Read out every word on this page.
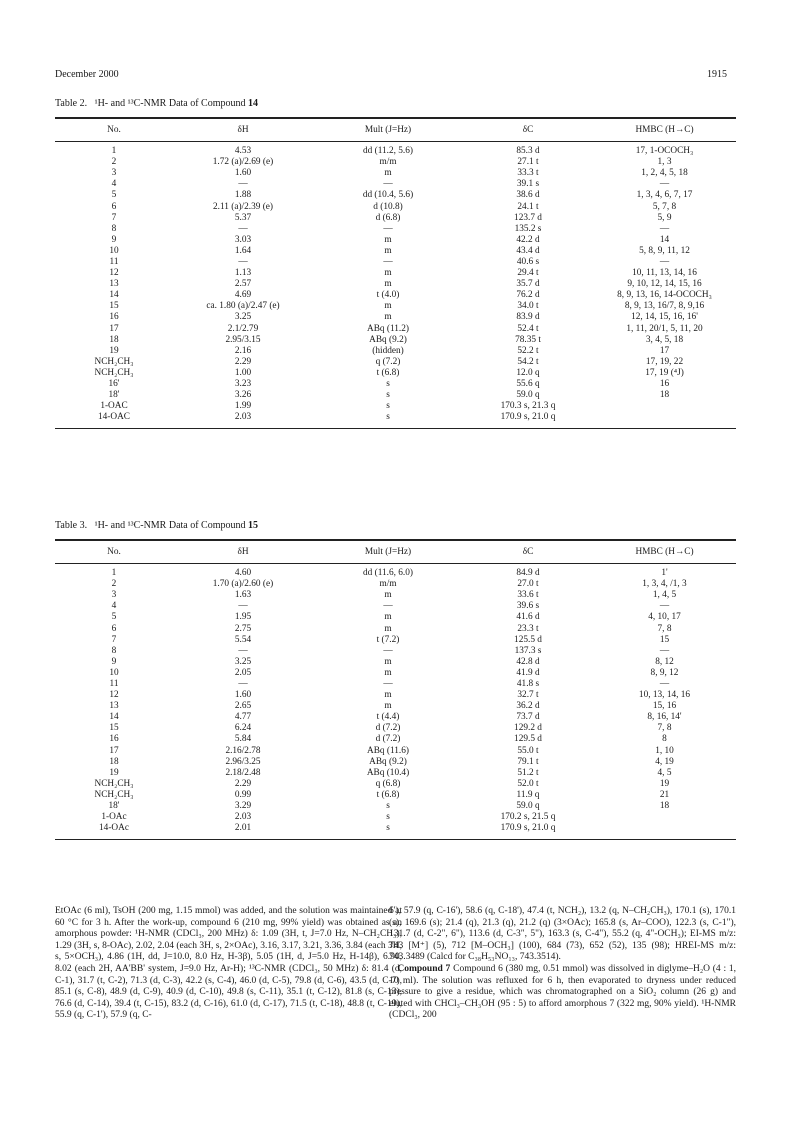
December 2000	1915
Table 2. ¹H- and ¹³C-NMR Data of Compound 14
No.	δH	Mult (J=Hz)	δC	HMBC (H→C)
1	4.53	dd (11.2, 5.6)	85.3 d	17, 1-OCOCH₃
2	1.72 (a)/2.69 (e)	m/m	27.1 t	1, 3
3	1.60	m	33.3 t	1, 2, 4, 5, 18
4	—	—	39.1 s	—
5	1.88	dd (10.4, 5.6)	38.6 d	1, 3, 4, 6, 7, 17
6	2.11 (a)/2.39 (e)	d (10.8)	24.1 t	5, 7, 8
7	5.37	d (6.8)	123.7 d	5, 9
8	—	—	135.2 s	—
9	3.03	m	42.2 d	14
10	1.64	m	43.4 d	5, 8, 9, 11, 12
11	—	—	40.6 s	—
12	1.13	m	29.4 t	10, 11, 13, 14, 16
13	2.57	m	35.7 d	9, 10, 12, 14, 15, 16
14	4.69	t (4.0)	76.2 d	8, 9, 13, 16, 14-OCOCH₃
15	ca. 1.80 (a)/2.47 (e)	m	34.0 t	8, 9, 13, 16/7, 8, 9,16
16	3.25	m	83.9 d	12, 14, 15, 16, 16'
17	2.1/2.79	ABq (11.2)	52.4 t	1, 11, 20/1, 5, 11, 20
18	2.95/3.15	ABq (9.2)	78.35 t	3, 4, 5, 18
19	2.16	(hidden)	52.2 t	17
NCH₂CH₃	2.29	q (7.2)	54.2 t	17, 19, 22
NCH₂CH₃	1.00	t (6.8)	12.0 q	17, 19 (⁴J)
16'	3.23	s	55.6 q	16
18'	3.26	s	59.0 q	18
1-OAC	1.99	s	170.3 s, 21.3 q	
14-OAC	2.03	s	170.9 s, 21.0 q	
Table 3. ¹H- and ¹³C-NMR Data of Compound 15
No.	δH	Mult (J=Hz)	δC	HMBC (H→C)
1	4.60	dd (11.6, 6.0)	84.9 d	1'
2	1.70 (a)/2.60 (e)	m/m	27.0 t	1, 3, 4, /1, 3
3	1.63	m	33.6 t	1, 4, 5
4	—	—	39.6 s	—
5	1.95	m	41.6 d	4, 10, 17
6	2.75	m	23.3 t	7, 8
7	5.54	t (7.2)	125.5 d	15
8	—	—	137.3 s	—
9	3.25	m	42.8 d	8, 12
10	2.05	m	41.9 d	8, 9, 12
11	—	—	41.8 s	—
12	1.60	m	32.7 t	10, 13, 14, 16
13	2.65	m	36.2 d	15, 16
14	4.77	t (4.4)	73.7 d	8, 16, 14'
15	6.24	d (7.2)	129.2 d	7, 8
16	5.84	d (7.2)	129.5 d	8
17	2.16/2.78	ABq (11.6)	55.0 t	1, 10
18	2.96/3.25	ABq (9.2)	79.1 t	4, 19
19	2.18/2.48	ABq (10.4)	51.2 t	4, 5
NCH₂CH₃	2.29	q (6.8)	52.0 t	19
NCH₂CH₃	0.99	t (6.8)	11.9 q	21
18'	3.29	s	59.0 q	18
1-OAc	2.03	s	170.2 s, 21.5 q	
14-OAc	2.01	s	170.9 s, 21.0 q	
EtOAc (6 ml), TsOH (200 mg, 1.15 mmol) was added, and the solution was maintained at 60 °C for 3 h. After the work-up, compound 6 (210 mg, 99% yield) was obtained as an amorphous powder: ¹H-NMR (CDCl₃, 200 MHz) δ: 1.09 (3H, t, J=7.0 Hz, N–CH₂CH₃), 1.29 (3H, s, 8-OAc), 2.02, 2.04 (each 3H, s, 2×OAc), 3.16, 3.17, 3.21, 3.36, 3.84 (each 3H, s, 5×OCH₃), 4.86 (1H, dd, J=10.0, 8.0 Hz, H-3β), 5.05 (1H, d, J=5.0 Hz, H-14β), 6.90, 8.02 (each 2H, AA'BB' system, J=9.0 Hz, Ar-H); ¹³C-NMR (CDCl₃, 50 MHz) δ: 81.4 (d, C-1), 31.7 (t, C-2), 71.3 (d, C-3), 42.2 (s, C-4), 46.0 (d, C-5), 79.8 (d, C-6), 43.5 (d, C-7), 85.1 (s, C-8), 48.9 (d, C-9), 40.9 (d, C-10), 49.8 (s, C-11), 35.1 (t, C-12), 81.8 (s, C-13), 76.6 (d, C-14), 39.4 (t, C-15), 83.2 (d, C-16), 61.0 (d, C-17), 71.5 (t, C-18), 48.8 (t, C-19), 55.9 (q, C-1'), 57.9 (q, C-
6'), 57.9 (q, C-16'), 58.6 (q, C-18'), 47.4 (t, NCH₂), 13.2 (q, N–CH₂CH₃), 170.1 (s), 170.1 (s), 169.6 (s); 21.4 (q), 21.3 (q), 21.2 (q) (3×OAc); 165.8 (s, Ar–COO), 122.3 (s, C-1"), 131.7 (d, C-2", 6"), 113.6 (d, C-3", 5"), 163.3 (s, C-4"), 55.2 (q, 4"-OCH₃); EI-MS m/z: 743 [M⁺] (5), 712 [M–OCH₃] (100), 684 (73), 652 (52), 135 (98); HREI-MS m/z: 743.3489 (Calcd for C₃₈H₅₃NO₁₃, 743.3514).
Compound 7 Compound 6 (380 mg, 0.51 mmol) was dissolved in diglyme–H₂O (4 : 1, 10 ml). The solution was refluxed for 6 h, then evaporated to dryness under reduced pressure to give a residue, which was chromatographed on a SiO₂ column (26 g) and eluted with CHCl₃–CH₃OH (95 : 5) to afford amorphous 7 (322 mg, 90% yield). ¹H-NMR (CDCl₃, 200
